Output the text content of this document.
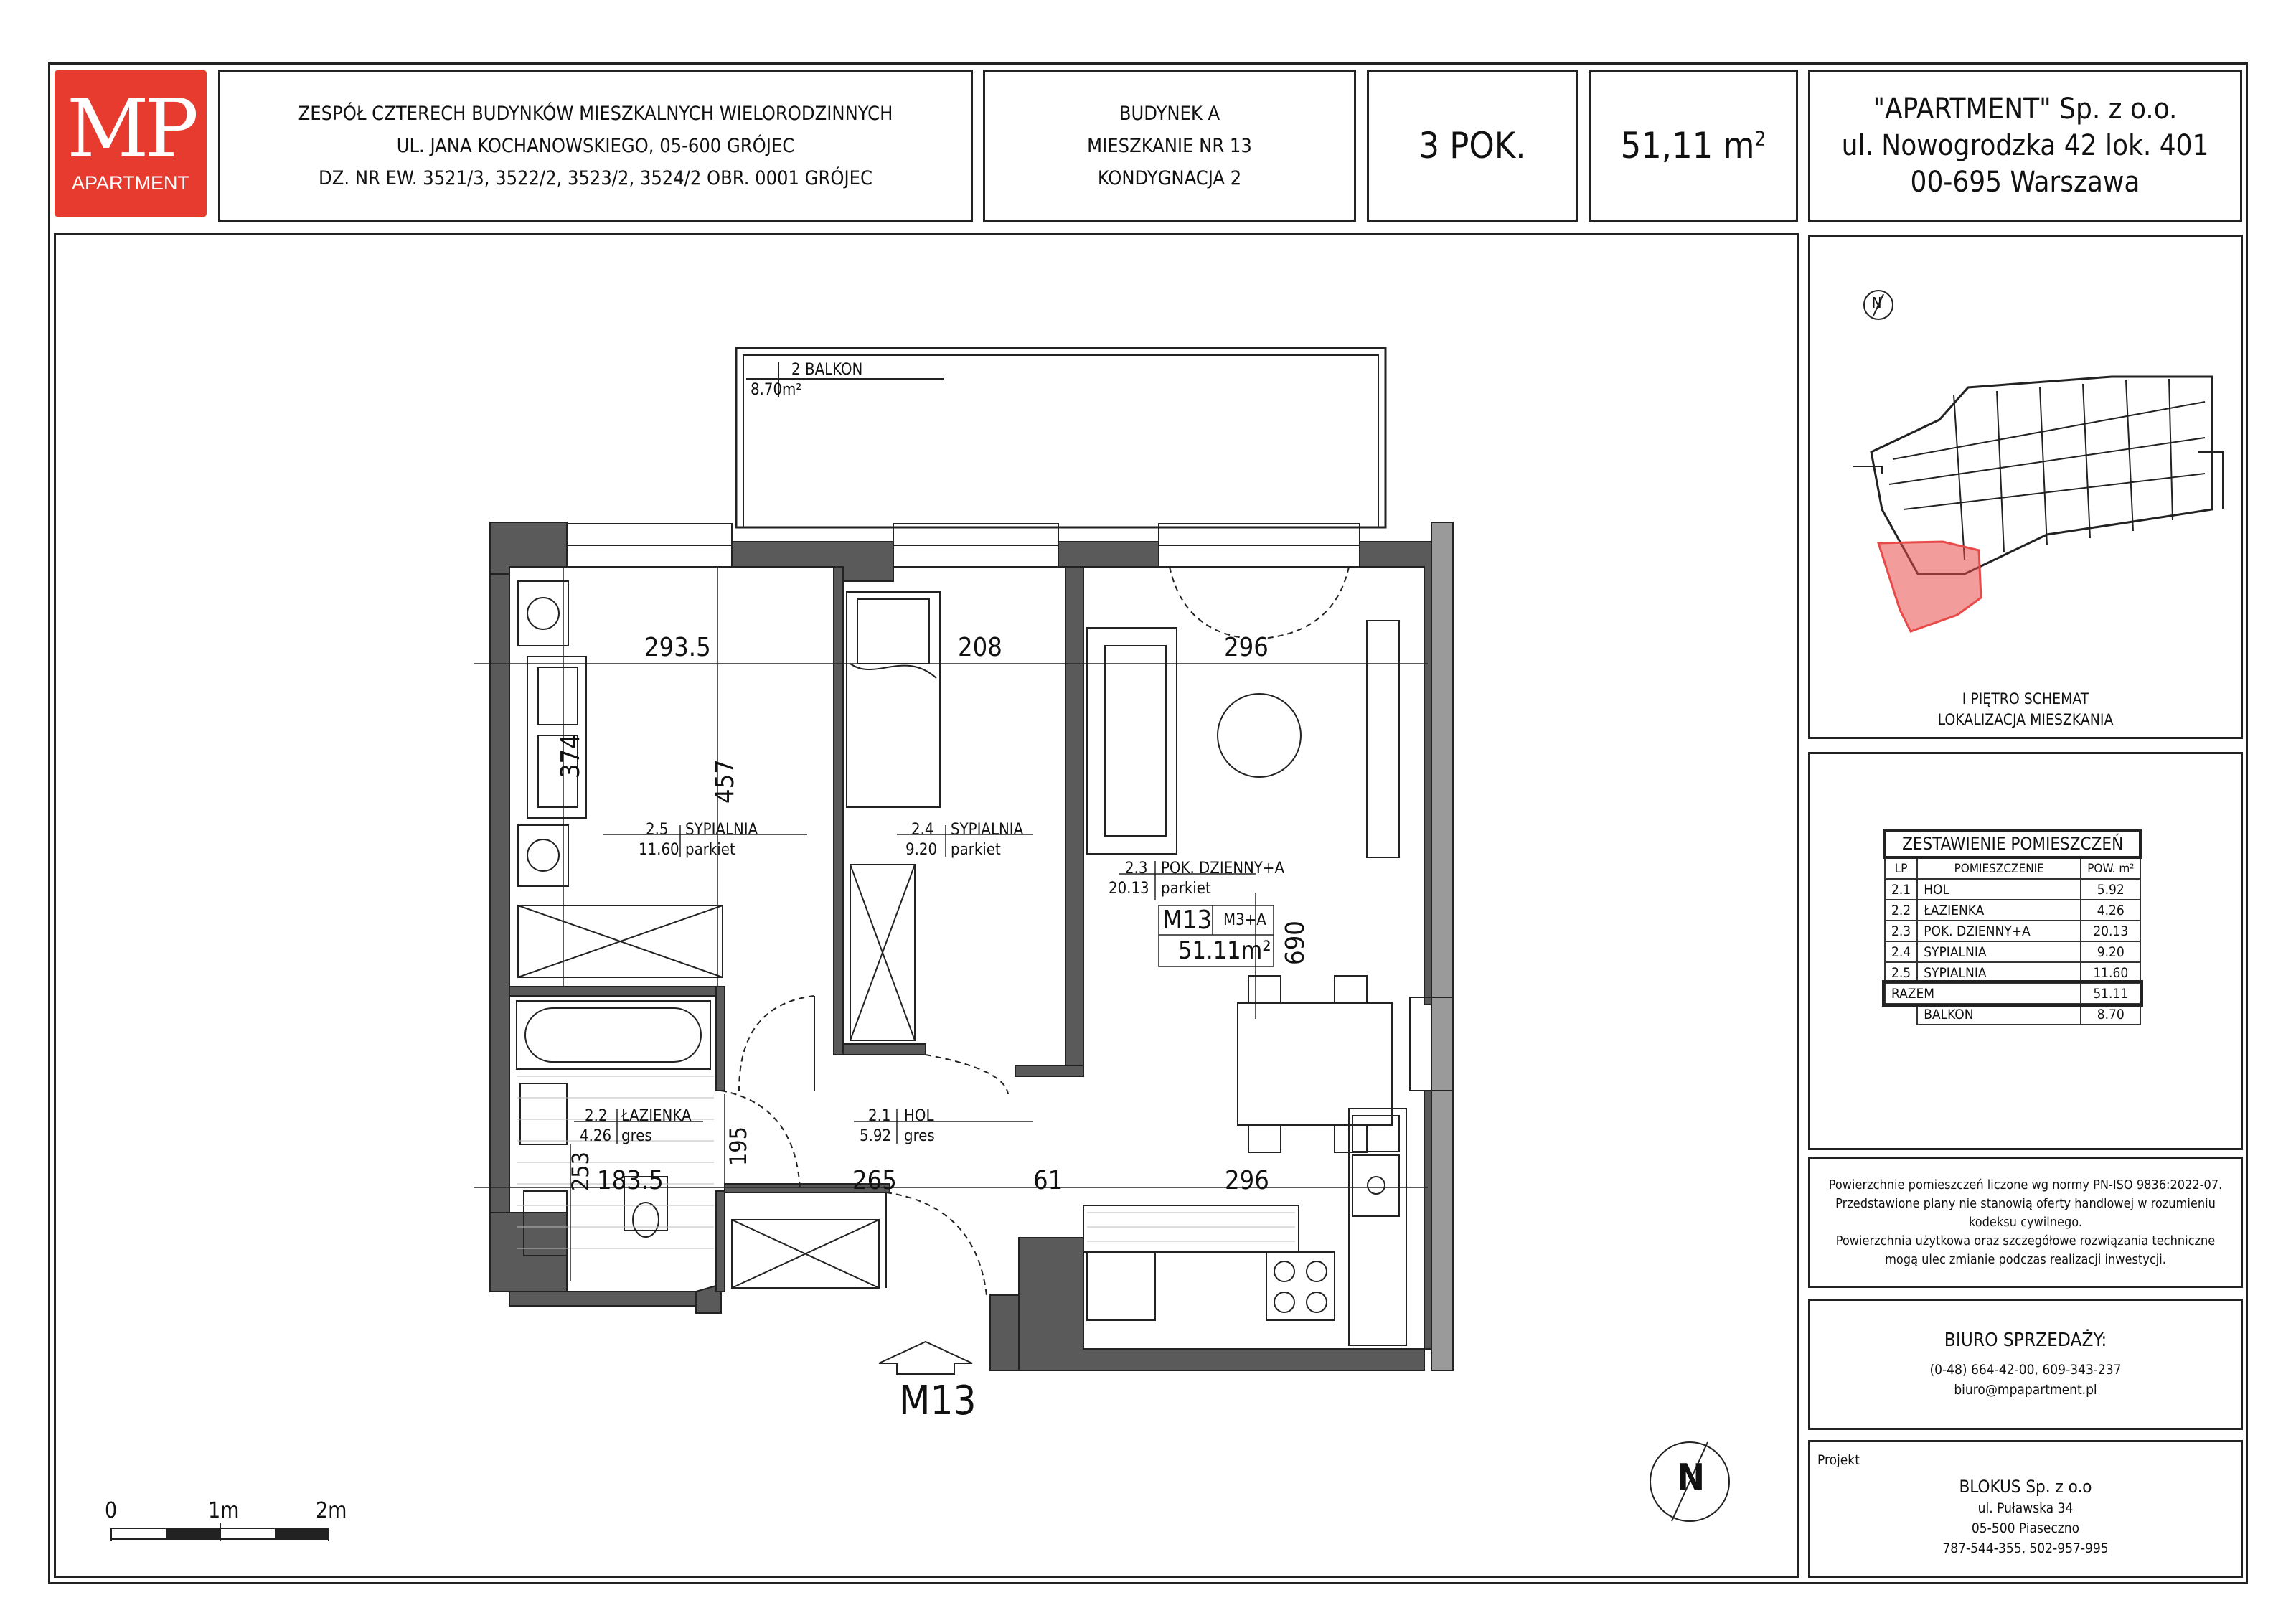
MP
APARTMENT
ZESPÓŁ CZTERECH BUDYNKÓW MIESZKALNYCH WIELORODZINNYCH
UL. JANA KOCHANOWSKIEGO, 05-600 GRÓJEC
DZ. NR EW. 3521/3, 3522/2, 3523/2, 3524/2 OBR. 0001 GRÓJEC
BUDYNEK A
MIESZKANIE NR 13
KONDYGNACJA 2
3 POK.	51,11 $m^2$
"APARTMENT" Sp. z o.o.
ul. Nowogrodzka 42 lok. 401
00-695 Warszawa
2 BALKON
8.70m²
293.5	208	296
374
457
690
195
253 183.5	265	61	296
2.5 SYPIALNIA
11.60 parkiet
2.4 SYPIALNIA
9.20 parkiet
2.3 POK. DZIENNY+A
20.13 parkiet
2.2 ŁAZIENKA
4.26 gres
2.1 HOL
5.92 gres
M13 M3+A
51.11m²
M13
0	1m	2m
N
N
I PIĘTRO SCHEMAT
LOKALIZACJA MIESZKANIA
ZESTAWIENIE POMIESZCZEŃ		
LP	POMIESZCZENIE	POW. m²
2.1	HOL	5.92
2.2	ŁAZIENKA	4.26
2.3	POK. DZIENNY+A	20.13
2.4	SYPIALNIA	9.20
2.5	SYPIALNIA	11.60
RAZEM		51.11
	BALKON	8.70
Powierzchnie pomieszczeń liczone wg normy PN-ISO 9836:2022-07.
Przedstawione plany nie stanowią oferty handlowej w rozumieniu
kodeksu cywilnego.
Powierzchnia użytkowa oraz szczegółowe rozwiązania techniczne
mogą ulec zmianie podczas realizacji inwestycji.
BIURO SPRZEDAŻY:
(0-48) 664-42-00, 609-343-237
biuro@mpapartment.pl
Projekt
BLOKUS Sp. z o.o
ul. Puławska 34
05-500 Piaseczno
787-544-355, 502-957-995
